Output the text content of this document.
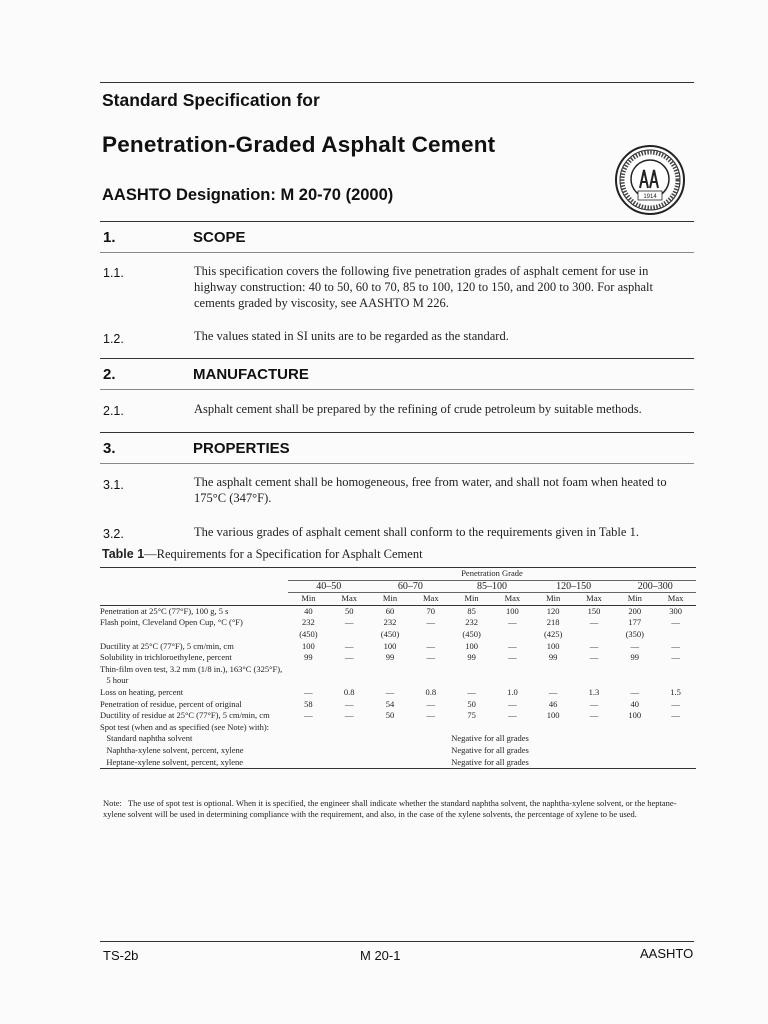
Standard Specification for
Penetration-Graded Asphalt Cement
AASHTO Designation: M 20-70 (2000)	1914
1.	SCOPE
1.1.	This specification covers the following five penetration grades of asphalt cement for use in highway construction: 40 to 50, 60 to 70, 85 to 100, 120 to 150, and 200 to 300. For asphalt cements graded by viscosity, see AASHTO M 226.
1.2.	The values stated in SI units are to be regarded as the standard.
2.	MANUFACTURE
2.1.	Asphalt cement shall be prepared by the refining of crude petroleum by suitable methods.
3.	PROPERTIES
3.1.	The asphalt cement shall be homogeneous, free from water, and shall not foam when heated to 175°C (347°F).
3.2.	The various grades of asphalt cement shall conform to the requirements given in Table 1.
Table 1—Requirements for a Specification for Asphalt Cement
	Penetration Grade									
	40–50		60–70		85–100		120–150		200–300	
	Min	Max	Min	Max	Min	Max	Min	Max	Min	Max
Penetration at 25°C (77°F), 100 g, 5 s	40	50	60	70	85	100	120	150	200	300
Flash point, Cleveland Open Cup, °C (°F)	232	—	232	—	232	—	218	—	177	—
	(450)		(450)		(450)		(425)		(350)	
Ductility at 25°C (77°F), 5 cm/min, cm	100	—	100	—	100	—	100	—	—	—
Solubility in trichloroethylene, percent	99	—	99	—	99	—	99	—	99	—
Thin-film oven test, 3.2 mm (1/8 in.), 163°C (325°F),										
5 hour										
Loss on heating, percent	—	0.8	—	0.8	—	1.0	—	1.3	—	1.5
Penetration of residue, percent of original	58	—	54	—	50	—	46	—	40	—
Ductility of residue at 25°C (77°F), 5 cm/min, cm	—	—	50	—	75	—	100	—	100	—
Spot test (when and as specified (see Note) with):										
Standard naphtha solvent					Negative for all grades					
Naphtha-xylene solvent, percent, xylene					Negative for all grades					
Heptane-xylene solvent, percent, xylene					Negative for all grades					
Note: The use of spot test is optional. When it is specified, the engineer shall indicate whether the standard naphtha solvent, the naphtha-xylene solvent, or the heptane-xylene solvent will be used in determining compliance with the requirement, and also, in the case of the xylene solvents, the percentage of xylene to be used.
TS-2b	M 20-1	AASHTO
